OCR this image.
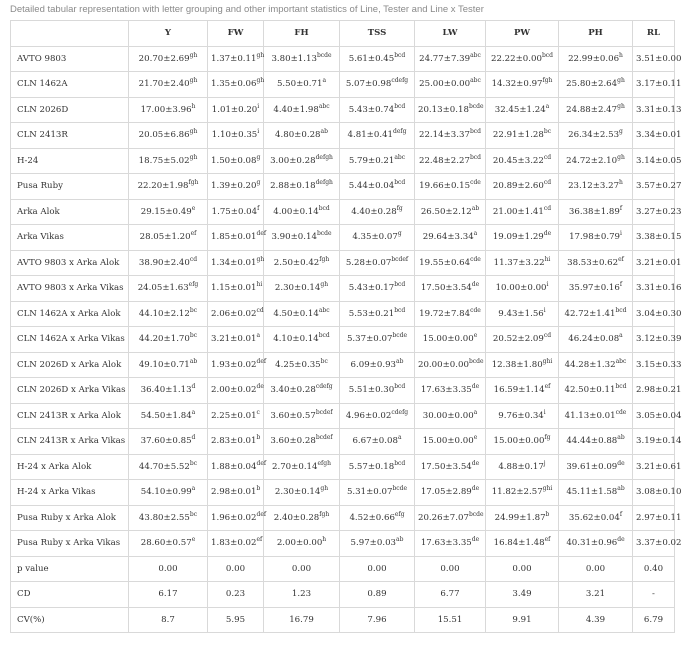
Detailed tabular representation with letter grouping and other important statistics of Line, Tester and Line x Tester
	Y	FW	FH	TSS	LW	PW	PH	RL
AVTO 9803	20.70±2.69$^{gh}$	1.37±0.11$^{gh}$	$3.80\pm 1.13^{bcde}$	5.61±0.45$^{bcd}$	24.77±7.39$^{abc}$	22.22±0.00$^{bcd}$	22.99±0.06$^h$	3.51±0.00
CLN 1462A	21.70±2.40$^{gh}$	1.35±0.06$^{gh}$	5.50±0.71$^a$	$5.07\pm 0.98^{cdefg}$	25.00±0.00$^{abc}$	14.32±0.97$^{fgh}$	25.80±2.64$^{gh}$	3.17±0.11
CLN 2026D	17.00±3.96$^h$	$1.01\pm 0.20^i$	4.40±1.98$^{abc}$	5.43±0.74$^{bcd}$	$20.13\pm 0.18^{bcde}$	32.45±1.24$^a$	24.88±2.47$^{gh}$	3.31±0.13
CLN 2413R	20.05±6.86$^{gh}$	$1.10\pm 0.35^i$	4.80±0.28$^{ab}$	$4.81\pm 0.41^{defg}$	22.14±3.37$^{bcd}$	22.91±1.28$^{bc}$	26.34±2.53$^g$	3.34±0.01
H-24	18.75±5.02$^{gh}$	1.50±0.08$^g$	$3.00\pm 0.28^{defgh}$	5.79±0.21$^{abc}$	22.48±2.27$^{bcd}$	20.45±3.22$^{cd}$	24.72±2.10$^{gh}$	3.14±0.05
Pusa Ruby	22.20±1.98$^{fgh}$	1.39±0.20$^g$	$2.88\pm 0.18^{defgh}$	5.44±0.04$^{bcd}$	19.66±0.15$^{cde}$	20.89±2.60$^{cd}$	23.12±3.27$^h$	3.57±0.27
Arka Alok	29.15±0.49$^e$	1.75±0.04$^f$	4.00±0.14$^{bcd}$	4.40±0.28$^{fg}$	26.50±2.12$^{ab}$	21.00±1.41$^{cd}$	36.38±1.89$^f$	3.27±0.23
Arka Vikas	28.05±1.20$^{ef}$	1.85±0.01$^{def}$	$3.90\pm 0.14^{bcde}$	4.35±0.07$^g$	29.64±3.34$^a$	19.09±1.29de	$17.98\pm 0.79^i$	3.38±0.15
AVTO 9803 x Arka Alok	38.90±2.40$^{cd}$	1.34±0.01$^{gh}$	2.50±0.42$^{fgh}$	$5.28\pm 0.07^{bcdef}$	19.55±0.64$^{cde}$	$11.37\pm 3.22^{hi}$	38.53±0.62$^{ef}$	3.21±0.01
AVTO 9803 x Arka Vikas	24.05±1.63$^{efg}$	$1.15\pm 0.01^{hi}$	2.30±0.14$^{gh}$	5.43±0.17$^{bcd}$	17.50±3.54de	$10.00\pm 0.00^i$	35.97±0.16$^f$	3.31±0.16
CLN 1462A x Arka Alok	44.10±2.12$^{bc}$	2.06±0.02$^{cd}$	4.50±0.14$^{abc}$	5.53±0.21$^{bcd}$	19.72±7.84$^{cde}$	$9.43\pm 1.56^i$	42.72±1.41$^{bcd}$	3.04±0.30
CLN 1462A x Arka Vikas	44.20±1.70$^{bc}$	3.21±0.01$^a$	4.10±0.14$^{bcd}$	$5.37\pm 0.07^{bcde}$	15.00±0.00$^e$	20.52±2.09$^{cd}$	46.24±0.08$^a$	3.12±0.39
CLN 2026D x Arka Alok	49.10±0.71$^{ab}$	1.93±0.02$^{def}$	4.25±0.35$^{bc}$	6.09±0.93$^{ab}$	$20.00\pm 0.00^{bcde}$	$12.38\pm 1.80^{ghi}$	44.28±1.32$^{abc}$	3.15±0.33
CLN 2026D x Arka Vikas	36.40±1.13$^d$	2.00±0.02de	$3.40\pm 0.28^{cdefg}$	5.51±0.30$^{bcd}$	17.63±3.35de	16.59±1.14$^{ef}$	42.50±0.11$^{bcd}$	2.98±0.21
CLN 2413R x Arka Alok	54.50±1.84$^a$	2.25±0.01$^c$	$3.60\pm 0.57^{bcdef}$	$4.96\pm 0.02^{cdefg}$	30.00±0.00$^a$	$9.76\pm 0.34^i$	41.13±0.01$^{cde}$	3.05±0.04
CLN 2413R x Arka Vikas	37.60±0.85$^d$	2.83±0.01$^b$	$3.60\pm 0.28^{bcdef}$	6.67±0.08$^a$	15.00±0.00$^e$	15.00±0.00$^{fg}$	44.44±0.88$^{ab}$	3.19±0.14
H-24 x Arka Alok	44.70±5.52$^{bc}$	1.88±0.04$^{def}$	$2.70\pm 0.14^{efgh}$	5.57±0.18$^{bcd}$	17.50±3.54de	$4.88\pm 0.17^j$	39.61±0.09de	3.21±0.61
H-24 x Arka Vikas	54.10±0.99$^a$	2.98±0.01$^b$	2.30±0.14$^{gh}$	$5.31\pm 0.07^{bcde}$	17.05±2.89de	$11.82\pm 2.57^{ghi}$	45.11±1.58$^{ab}$	3.08±0.10
Pusa Ruby x Arka Alok	43.80±2.55$^{bc}$	1.96±0.02$^{def}$	2.40±0.28$^{fgh}$	4.52±0.66$^{efg}$	$20.26\pm 7.07^{bcde}$	24.99±1.87$^b$	35.62±0.04$^f$	2.97±0.11
Pusa Ruby x Arka Vikas	28.60±0.57$^e$	1.83±0.02$^{ef}$	2.00±0.00$^h$	5.97±0.03$^{ab}$	17.63±3.35de	16.84±1.48$^{ef}$	40.31±0.96de	3.37±0.02
p value	0.00	0.00	0.00	0.00	0.00	0.00	0.00	0.40
CD	6.17	0.23	1.23	0.89	6.77	3.49	3.21	-
CV(%)	8.7	5.95	16.79	7.96	15.51	9.91	4.39	6.79
